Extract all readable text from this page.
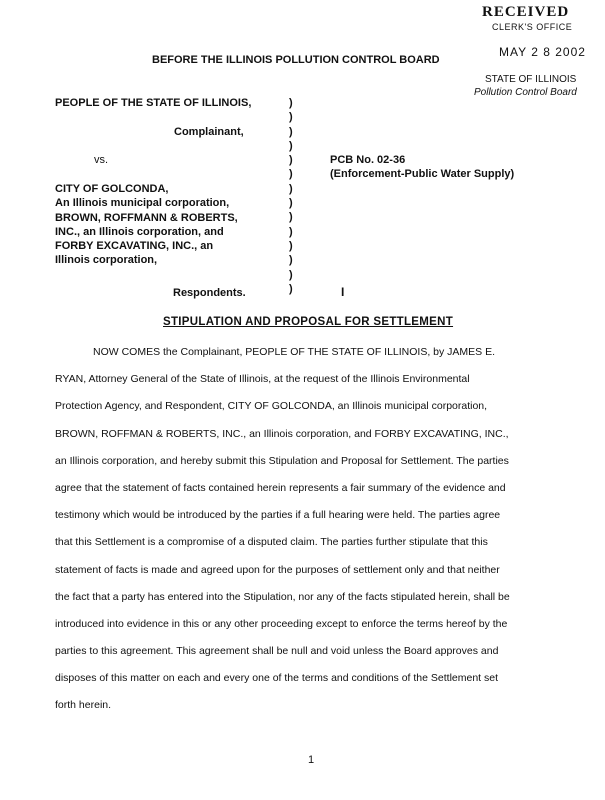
RECEIVED
CLERK'S OFFICE
MAY 2 8 2002
STATE OF ILLINOIS
Pollution Control Board
BEFORE THE ILLINOIS POLLUTION CONTROL BOARD
PEOPLE OF THE STATE OF ILLINOIS,
Complainant,
vs.
CITY OF GOLCONDA,
An Illinois municipal corporation,
BROWN, ROFFMANN & ROBERTS,
INC., an Illinois corporation, and
FORBY EXCAVATING, INC., an
Illinois corporation,
Respondents.
)
)
)
)
)
)
)
)
)
)
)
)
)
)
PCB No. 02-36
(Enforcement-Public Water Supply)
I
STIPULATION AND PROPOSAL FOR SETTLEMENT
NOW COMES the Complainant, PEOPLE OF THE STATE OF ILLINOIS, by JAMES E.
RYAN, Attorney General of the State of Illinois, at the request of the Illinois Environmental
Protection Agency, and Respondent, CITY OF GOLCONDA, an Illinois municipal corporation,
BROWN, ROFFMAN & ROBERTS, INC., an Illinois corporation, and FORBY EXCAVATING, INC.,
an Illinois corporation, and hereby submit this Stipulation and Proposal for Settlement. The parties
agree that the statement of facts contained herein represents a fair summary of the evidence and
testimony which would be introduced by the parties if a full hearing were held. The parties agree
that this Settlement is a compromise of a disputed claim. The parties further stipulate that this
statement of facts is made and agreed upon for the purposes of settlement only and that neither
the fact that a party has entered into the Stipulation, nor any of the facts stipulated herein, shall be
introduced into evidence in this or any other proceeding except to enforce the terms hereof by the
parties to this agreement. This agreement shall be null and void unless the Board approves and
disposes of this matter on each and every one of the terms and conditions of the Settlement set
forth herein.
1
